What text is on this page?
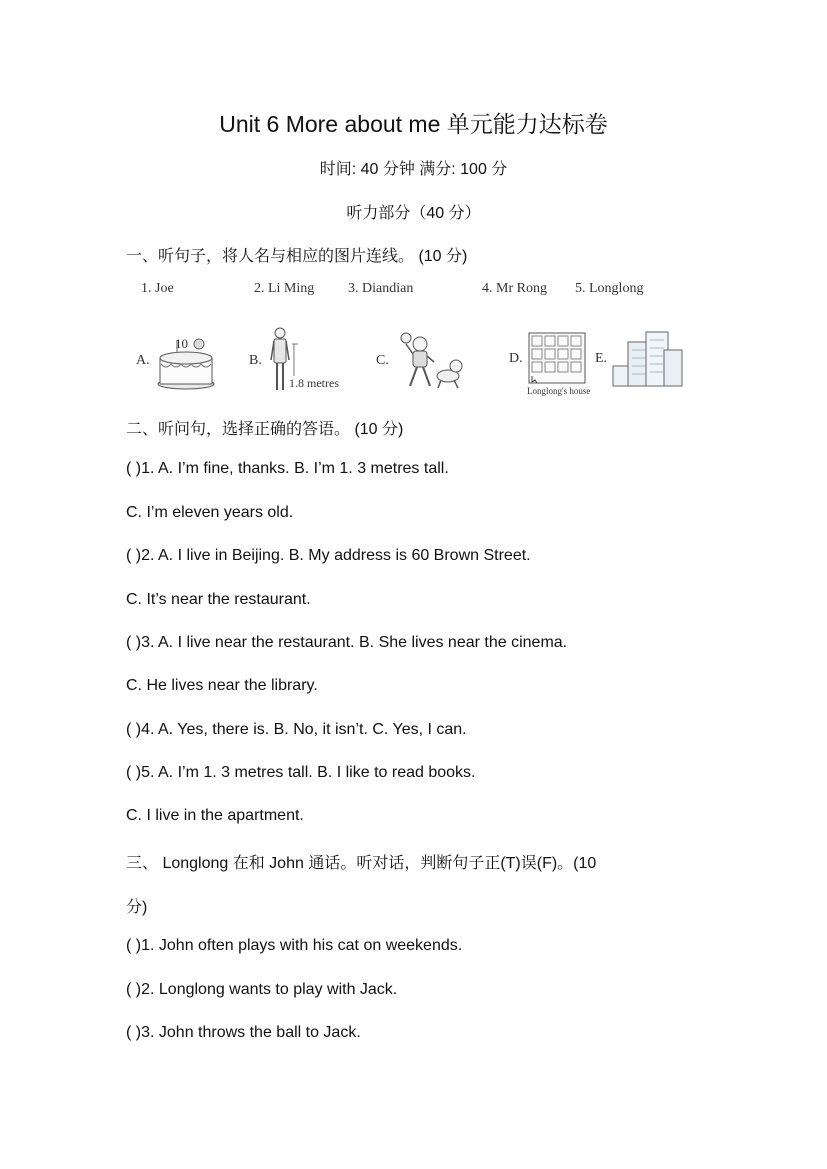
Unit 6 More about me 单元能力达标卷
时间: 40 分钟 满分: 100 分
听力部分（40 分）
一、听句子，将人名与相应的图片连线。 (10 分)
1. Joe	2. Li Ming 3. Diandian	4. Mr Rong 5. Longlong
A.
10
B.
1.8 metres
C.	D.
Longlong's house
E.
二、听问句，选择正确的答语。 (10 分)
( )1. A. I’m fine, thanks. B. I’m 1. 3 metres tall.
C. I’m eleven years old.
( )2. A. I live in Beijing. B. My address is 60 Brown Street.
C. It’s near the restaurant.
( )3. A. I live near the restaurant. B. She lives near the cinema.
C. He lives near the library.
( )4. A. Yes, there is. B. No, it isn’t. C. Yes, I can.
( )5. A. I’m 1. 3 metres tall. B. I like to read books.
C. I live in the apartment.
三、 Longlong 在和 John 通话。听对话，判断句子正(T)误(F)。(10
分)
( )1. John often plays with his cat on weekends.
( )2. Longlong wants to play with Jack.
( )3. John throws the ball to Jack.
